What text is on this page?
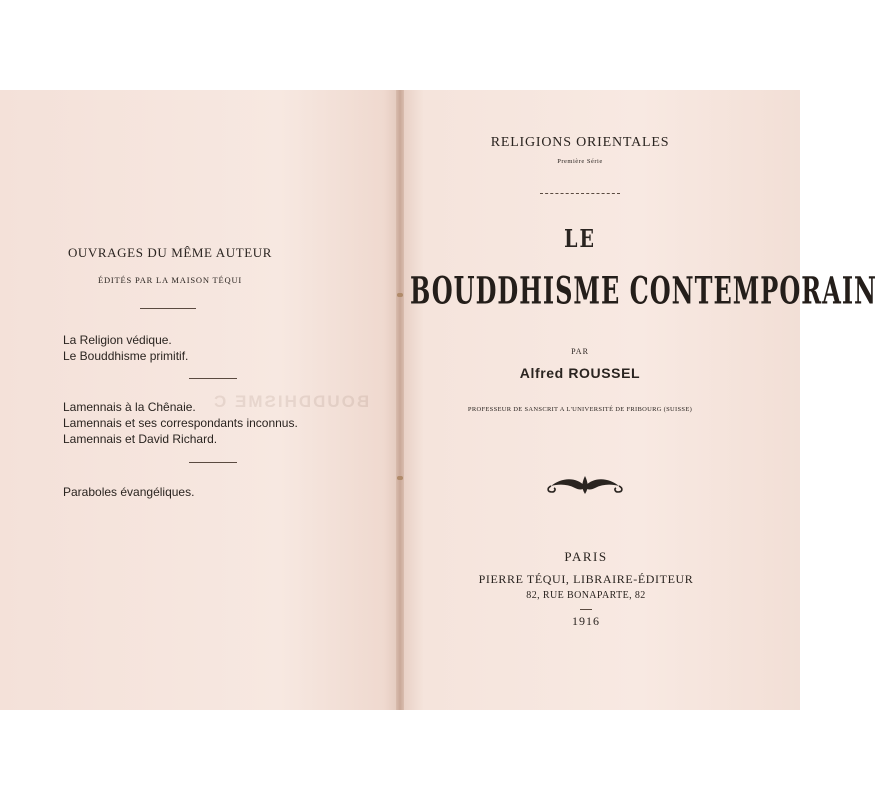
BOUDDHISME C
OUVRAGES DU MÊME AUTEUR
ÉDITÉS PAR LA MAISON TÉQUI
La Religion védique.
Le Bouddhisme primitif.
Lamennais à la Chênaie.
Lamennais et ses correspondants inconnus.
Lamennais et David Richard.
Paraboles évangéliques.
RELIGIONS ORIENTALES
Première Série
LE
BOUDDHISME CONTEMPORAIN
PAR
Alfred ROUSSEL
PROFESSEUR DE SANSCRIT A L'UNIVERSITÉ DE FRIBOURG (SUISSE)
PARIS
PIERRE TÉQUI, LIBRAIRE-ÉDITEUR
82, RUE BONAPARTE, 82
1916
